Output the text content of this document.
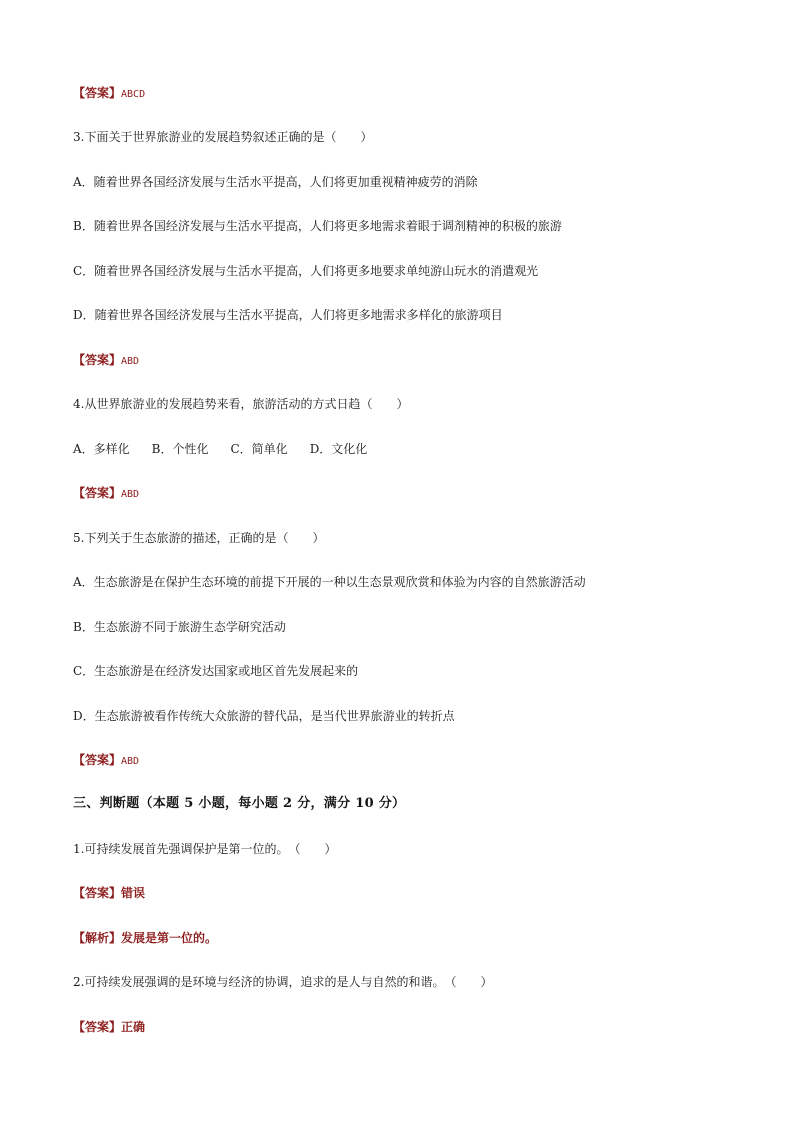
【答案】ABCD
3.下面关于世界旅游业的发展趋势叙述正确的是（　　）
A．随着世界各国经济发展与生活水平提高，人们将更加重视精神疲劳的消除
B．随着世界各国经济发展与生活水平提高，人们将更多地需求着眼于调剂精神的积极的旅游
C．随着世界各国经济发展与生活水平提高，人们将更多地要求单纯游山玩水的消遣观光
D．随着世界各国经济发展与生活水平提高，人们将更多地需求多样化的旅游项目
【答案】ABD
4.从世界旅游业的发展趋势来看，旅游活动的方式日趋（　　）
A．多样化 B．个性化 C．简单化 D．文化化
【答案】ABD
5.下列关于生态旅游的描述，正确的是（　　）
A．生态旅游是在保护生态环境的前提下开展的一种以生态景观欣赏和体验为内容的自然旅游活动
B．生态旅游不同于旅游生态学研究活动
C．生态旅游是在经济发达国家或地区首先发展起来的
D．生态旅游被看作传统大众旅游的替代品，是当代世界旅游业的转折点
【答案】ABD
三、判断题（本题 5 小题，每小题 2 分，满分 10 分）
1.可持续发展首先强调保护是第一位的。　（　　）
【答案】错误
【解析】发展是第一位的。
2.可持续发展强调的是环境与经济的协调，追求的是人与自然的和谐。　（　　）
【答案】正确
